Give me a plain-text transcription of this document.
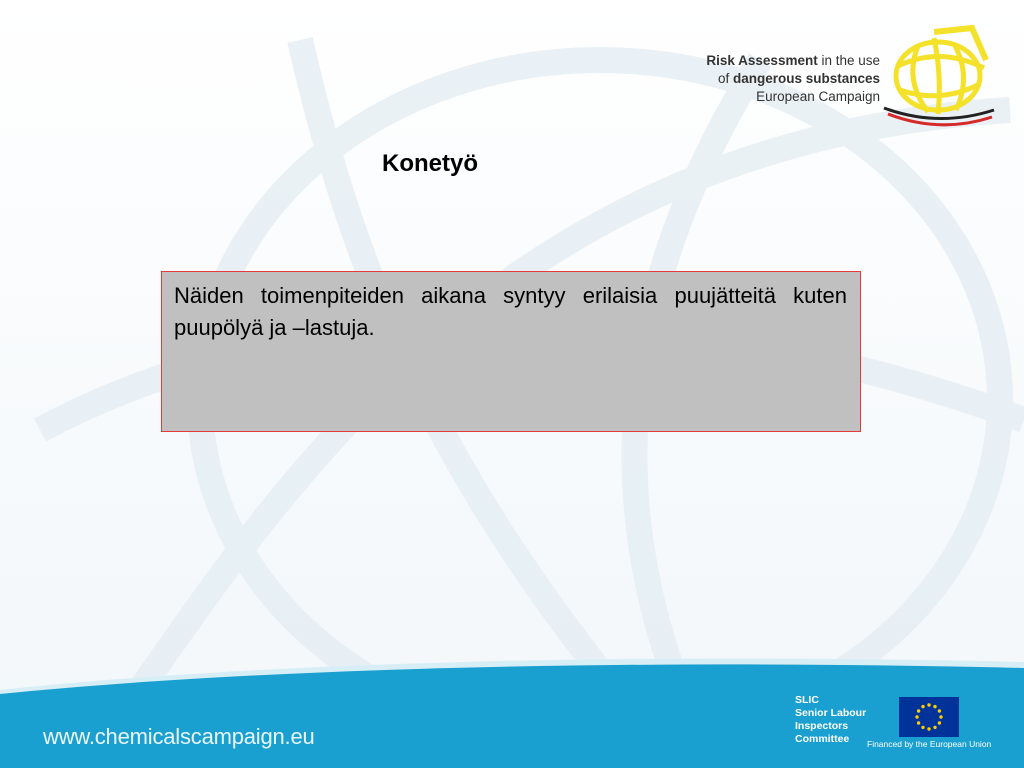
Risk Assessment in the use
of dangerous substances
European Campaign
Konetyö

Näiden toimenpiteiden aikana syntyy erilaisia puujätteitä kuten puupölyä ja –lastuja.

www.chemicalscampaign.eu
SLIC
Senior Labour
Inspectors
Committee	Financed by the European Union
